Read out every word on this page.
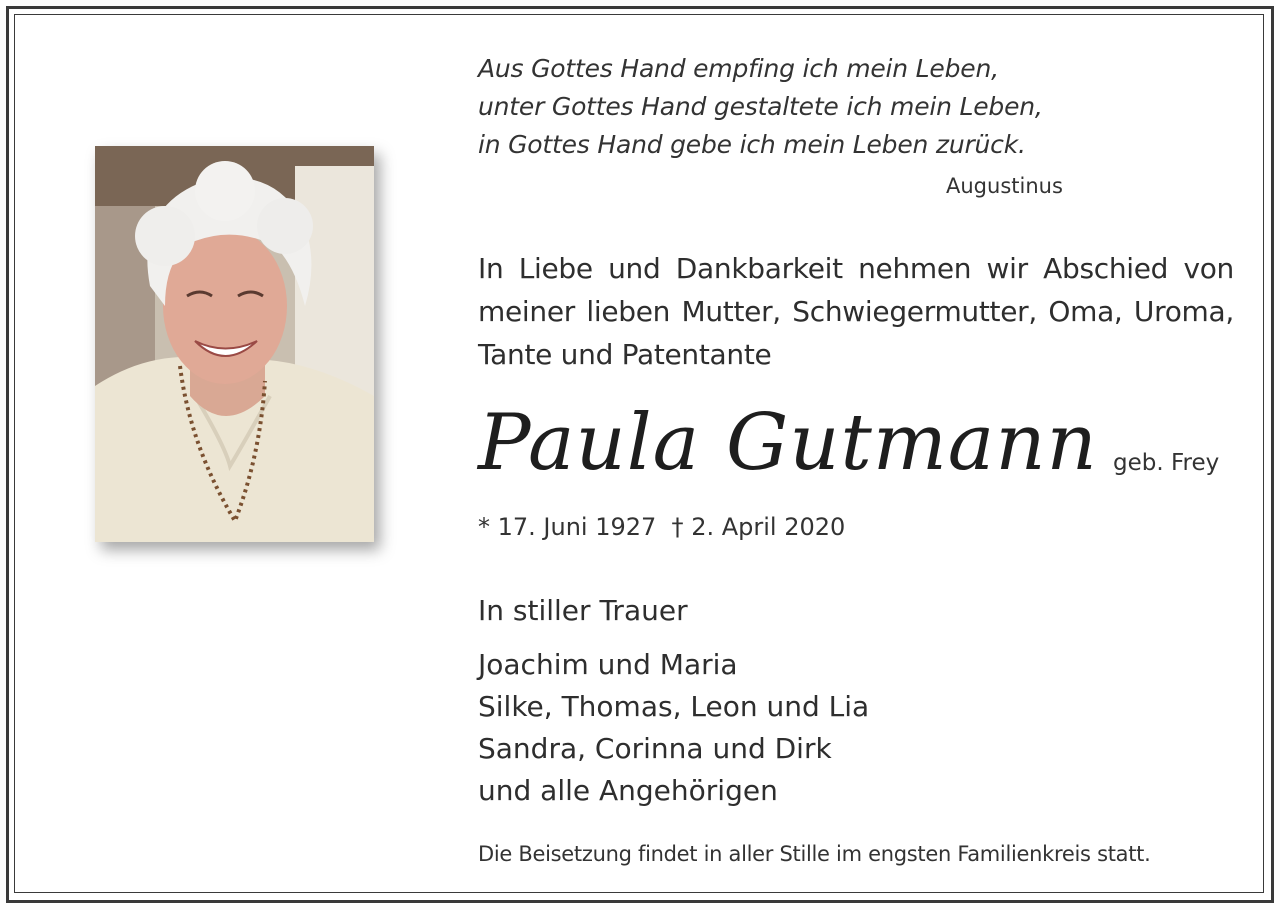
Aus Gottes Hand empfing ich mein Leben,
unter Gottes Hand gestaltete ich mein Leben,
in Gottes Hand gebe ich mein Leben zurück.
Augustinus
In Liebe und Dankbarkeit nehmen wir Abschied von meiner lieben Mutter, Schwiegermutter, Oma, Uroma, Tante und Patentante
Paula Gutmann geb. Frey
* 17. Juni 1927  † 2. April 2020
In stiller Trauer
Joachim und Maria
Silke, Thomas, Leon und Lia
Sandra, Corinna und Dirk
und alle Angehörigen
Die Beisetzung findet in aller Stille im engsten Familienkreis statt.
